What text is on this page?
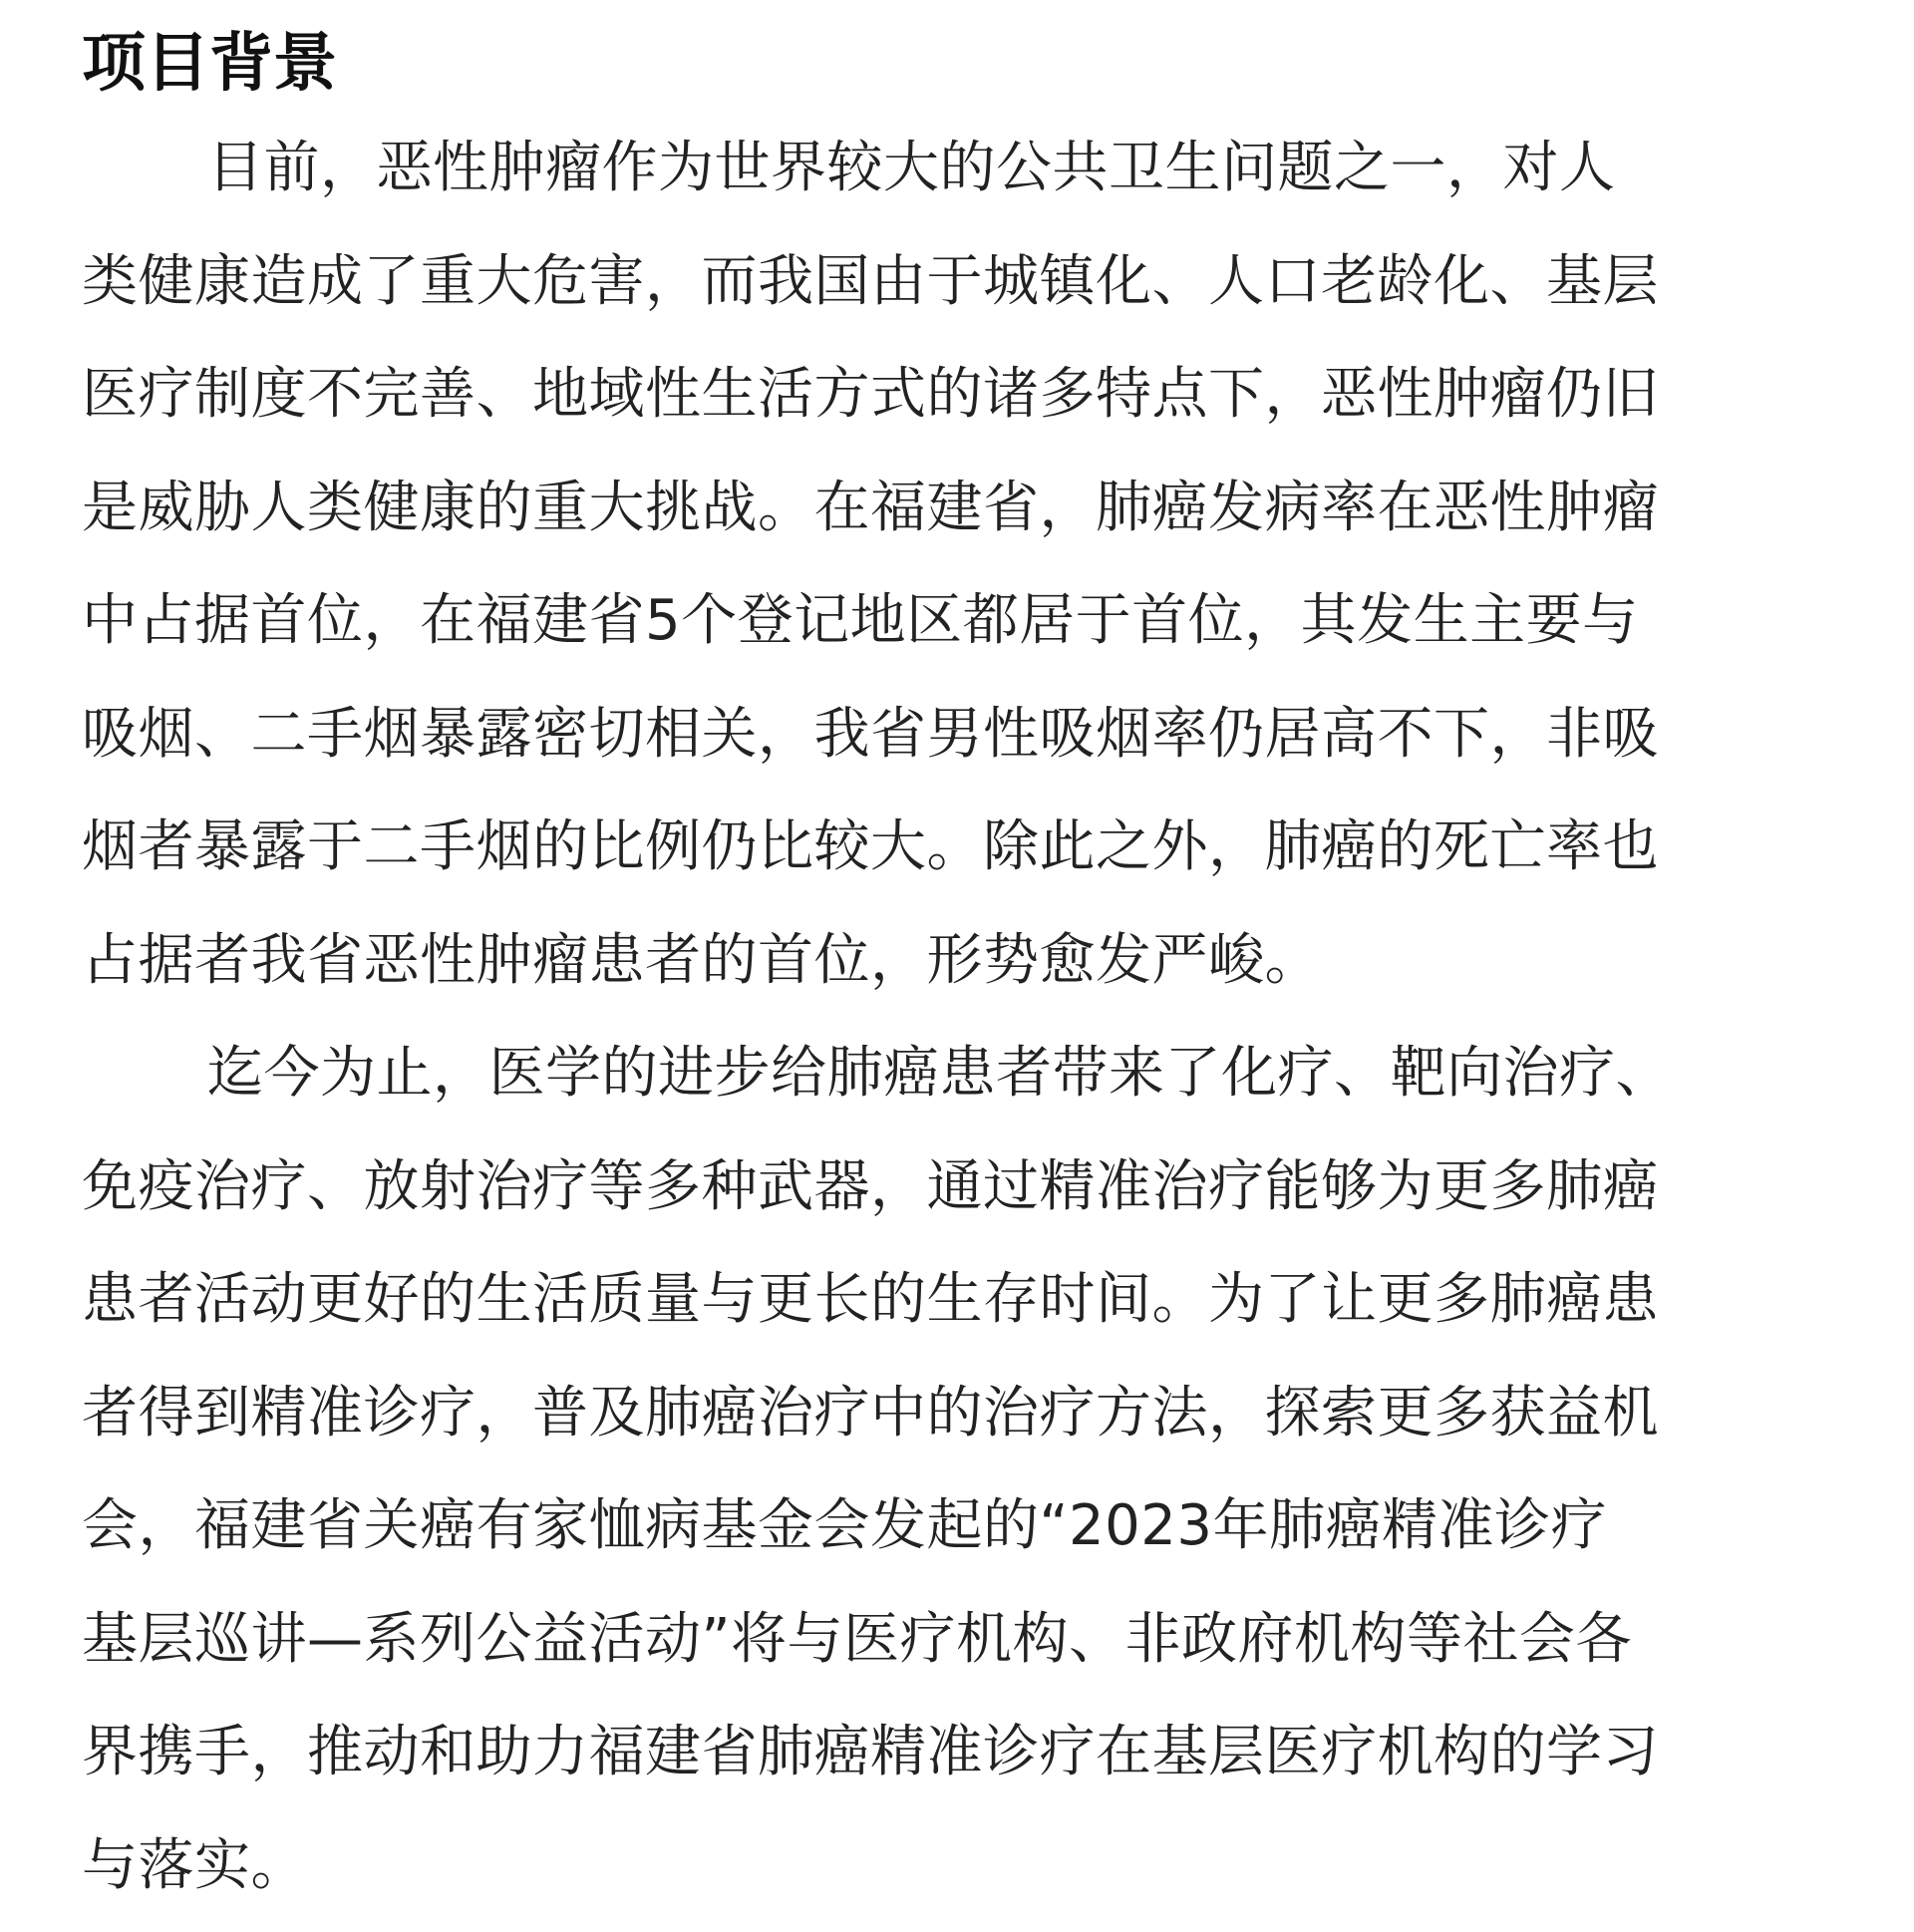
项目背景
目前，恶性肿瘤作为世界较大的公共卫生问题之一，对人
类健康造成了重大危害，而我国由于城镇化、人口老龄化、基层
医疗制度不完善、地域性生活方式的诸多特点下，恶性肿瘤仍旧
是威胁人类健康的重大挑战。在福建省，肺癌发病率在恶性肿瘤
中占据首位，在福建省5个登记地区都居于首位，其发生主要与
吸烟、二手烟暴露密切相关，我省男性吸烟率仍居高不下，非吸
烟者暴露于二手烟的比例仍比较大。除此之外，肺癌的死亡率也
占据者我省恶性肿瘤患者的首位，形势愈发严峻。
迄今为止，医学的进步给肺癌患者带来了化疗、靶向治疗、
免疫治疗、放射治疗等多种武器，通过精准治疗能够为更多肺癌
患者活动更好的生活质量与更长的生存时间。为了让更多肺癌患
者得到精准诊疗，普及肺癌治疗中的治疗方法，探索更多获益机
会，福建省关癌有家恤病基金会发起的“2023年肺癌精准诊疗
基层巡讲—系列公益活动”将与医疗机构、非政府机构等社会各
界携手，推动和助力福建省肺癌精准诊疗在基层医疗机构的学习
与落实。
